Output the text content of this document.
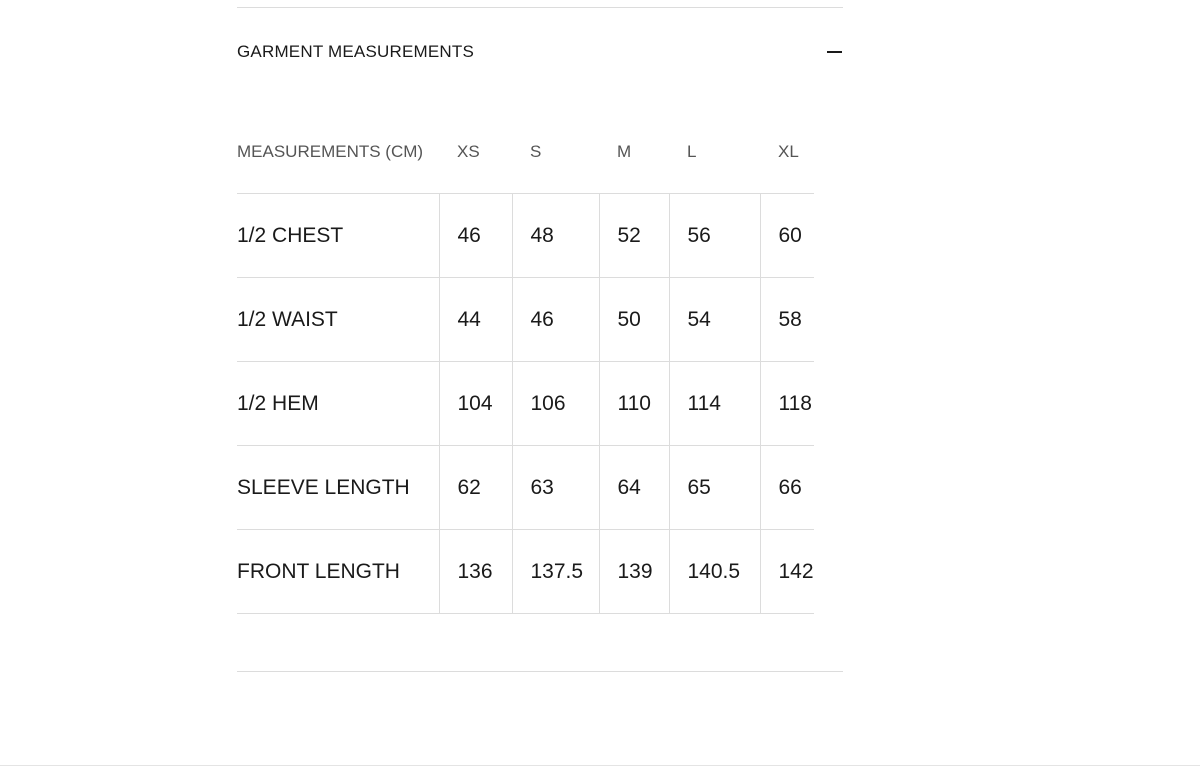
GARMENT MEASUREMENTS
MEASUREMENTS (CM)	XS	S	M	L	XL
1/2 CHEST	46	48	52	56	60
1/2 WAIST	44	46	50	54	58
1/2 HEM	104	106	110	114	118
SLEEVE LENGTH	62	63	64	65	66
FRONT LENGTH	136	137.5	139	140.5	142
